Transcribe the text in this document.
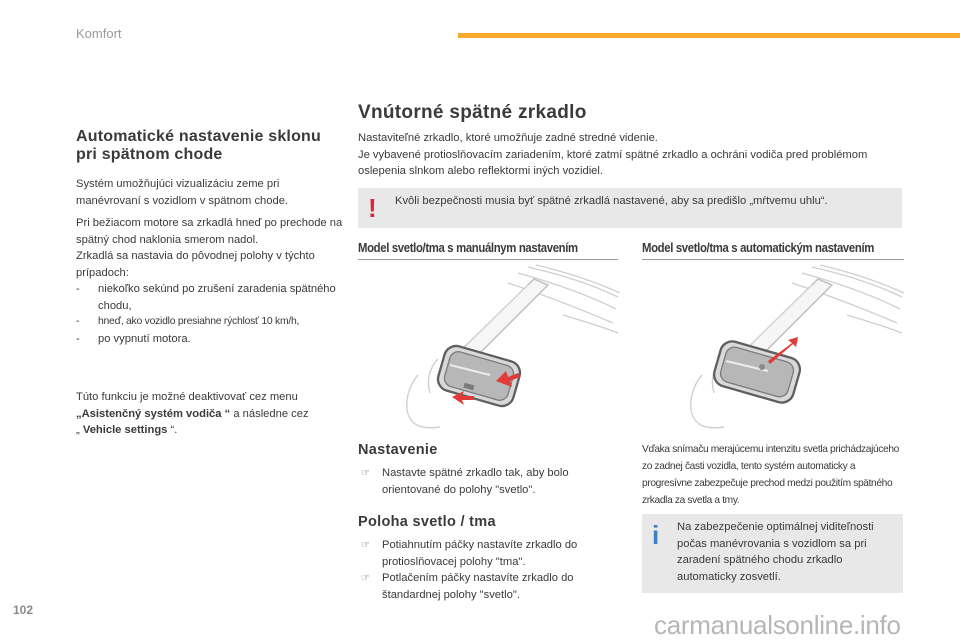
Komfort
Automatické nastavenie sklonu
pri spätnom chode
Systém umožňujúci vizualizáciu zeme pri manévrovaní s vozidlom v spätnom chode.
Pri bežiacom motore sa zrkadlá hneď po prechode na spätný chod naklonia smerom nadol.
Zrkadlá sa nastavia do pôvodnej polohy v týchto prípadoch:
- niekoľko sekúnd po zrušení zaradenia spätného chodu,
- hneď, ako vozidlo presiahne rýchlosť 10 km/h,
- po vypnutí motora.
Túto funkciu je možné deaktivovať cez menu
„Asistenčný systém vodiča “ a následne cez
„ Vehicle settings “.
Vnútorné spätné zrkadlo
Nastaviteľné zrkadlo, ktoré umožňuje zadné stredné videnie.
Je vybavené protioslňovacím zariadením, ktoré zatmí spätné zrkadlo a ochráni vodiča pred problémom oslepenia slnkom alebo reflektormi iných vozidiel.
! Kvôli bezpečnosti musia byť spätné zrkadlá nastavené, aby sa predišlo „mŕtvemu uhlu“.
Model svetlo/tma s manuálnym nastavením	Model svetlo/tma s automatickým nastavením
Nastavenie
☞ Nastavte spätné zrkadlo tak, aby bolo orientované do polohy "svetlo".
Poloha svetlo / tma
☞ Potiahnutím páčky nastavíte zrkadlo do protioslňovacej polohy "tma".
☞ Potlačením páčky nastavíte zrkadlo do štandardnej polohy "svetlo".
Vďaka snímaču merajúcemu intenzitu svetla prichádzajúceho zo zadnej časti vozidla, tento systém automaticky a progresívne zabezpečuje prechod medzi použitím spätného zrkadla za svetla a tmy.
i Na zabezpečenie optimálnej viditeľnosti počas manévrovania s vozidlom sa pri zaradení spätného chodu zrkadlo automaticky zosvetlí.
102	carmanualsonline.info
